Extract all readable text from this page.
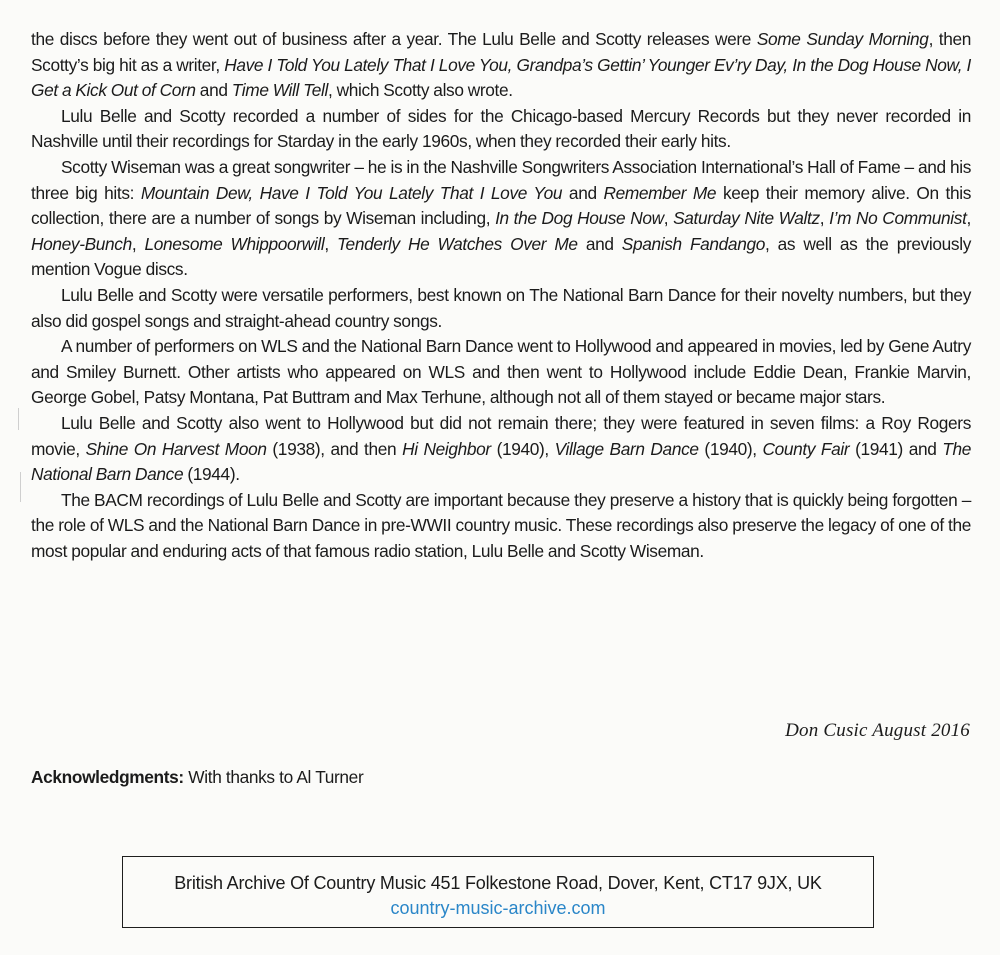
the discs before they went out of business after a year. The Lulu Belle and Scotty releases were Some Sunday Morning, then Scotty’s big hit as a writer, Have I Told You Lately That I Love You, Grandpa’s Gettin’ Younger Ev’ry Day, In the Dog House Now, I Get a Kick Out of Corn and Time Will Tell, which Scotty also wrote.

Lulu Belle and Scotty recorded a number of sides for the Chicago-based Mercury Records but they never recorded in Nashville until their recordings for Starday in the early 1960s, when they recorded their early hits.

Scotty Wiseman was a great songwriter – he is in the Nashville Songwriters Association International’s Hall of Fame – and his three big hits: Mountain Dew, Have I Told You Lately That I Love You and Remember Me keep their memory alive. On this collection, there are a number of songs by Wiseman including, In the Dog House Now, Saturday Nite Waltz, I’m No Communist, Honey-Bunch, Lonesome Whippoorwill, Tenderly He Watches Over Me and Spanish Fandango, as well as the previously mention Vogue discs.

Lulu Belle and Scotty were versatile performers, best known on The National Barn Dance for their novelty numbers, but they also did gospel songs and straight-ahead country songs.

A number of performers on WLS and the National Barn Dance went to Hollywood and appeared in movies, led by Gene Autry and Smiley Burnett. Other artists who appeared on WLS and then went to Hollywood include Eddie Dean, Frankie Marvin, George Gobel, Patsy Montana, Pat Buttram and Max Terhune, although not all of them stayed or became major stars.

Lulu Belle and Scotty also went to Hollywood but did not remain there; they were featured in seven films: a Roy Rogers movie, Shine On Harvest Moon (1938), and then Hi Neighbor (1940), Village Barn Dance (1940), County Fair (1941) and The National Barn Dance (1944).

The BACM recordings of Lulu Belle and Scotty are important because they preserve a history that is quickly being forgotten – the role of WLS and the National Barn Dance in pre-WWII country music. These recordings also preserve the legacy of one of the most popular and enduring acts of that famous radio station, Lulu Belle and Scotty Wiseman.

Don Cusic August 2016
Acknowledgments: With thanks to Al Turner
British Archive Of Country Music 451 Folkestone Road, Dover, Kent, CT17 9JX, UK
country-music-archive.com
